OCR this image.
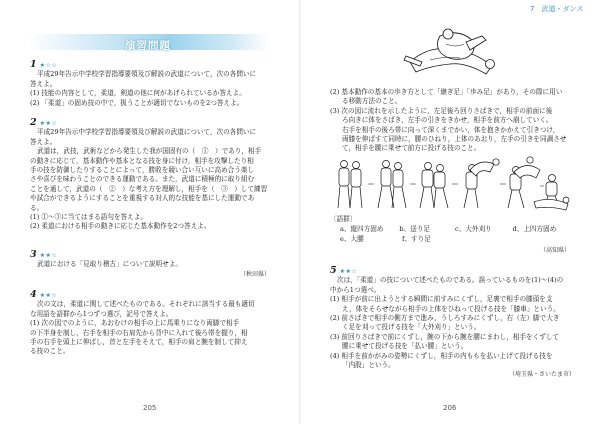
演習問題

1 ★☆☆

平成29年告示中学校学習指導要領及び解説の武道について，次の各問いに

答えよ。

(1) 技能の内容として，柔道，剣道の他に何があげられているか答えよ。

(2) 「柔道」の固め技の中で，扱うことが適切でないものを2つ答えよ。

2 ★★☆

平成29年告示中学校学習指導要領及び解説の武道について，次の各問いに

答えよ。

武道は，武技，武術などから発生した我が国固有の（　①　）であり，相手

の動きに応じて，基本動作や基本となる技を身に付け，相手を攻撃したり相

手の技を防御したりすることによって，勝敗を競い合い互いに高め合う楽し

さや喜びを味わうことのできる運動である。また，武道に積極的に取り組む

ことを通して，武道の（　②　）な考え方を理解し，相手を（　③　）して練習

や試合ができるようにすることを重視する対人的な技能を基にした運動であ

る。

(1) ①〜③に当てはまる語句を答えよ。

(2) 柔道における相手の動きに応じた基本動作を2つ答えよ。

3 ★★☆

武道における「見取り稽古」について説明せよ。

（秋田県）

4 ★★☆

次の文は，柔道に関して述べたものである。それぞれに該当する最も適切

な用語を語群から1つずつ選び，記号で答えよ。

(1) 次の図でのように，あおむけの相手の上に馬乗りになり両脚で相手

の下半身を制し，右手を相手の右肩先から背中に入れて後ろ帯を握り，相

手の右手を頭上に伸ばし，首と左手をそえて，相手の肩と腕を制して抑え

る技のこと。

205
7　武道・ダンス

(2) 基本動作の基本の歩き方として「継ぎ足」「歩み足」があり，その際に用い

る移動方法のこと。

(3) 次の図に流れを示したように，左足後ろ回りさばきで，相手の前面に後

ろ向きに体をさばき，左手の引きをきかせ，相手を前方へ崩していく。

右手を相手の後ろ帯に向って深くまでかい，体を抱きかかえて引きつけ，

両膝を伸ばすて同時に，腰のひねり，上体のあおり，左手の引きを同調させ

て，相手を腰に乗せて前方に投げる技のこと。

〔語群〕
a、縦四方固め	b、送り足	c、大外刈り	d、上四方固め
e、大腰	f、すり足
（高知県）

5 ★★☆

次は，「柔道」の技について述べたものである。誤っているものを(1)〜(4)の

中から1つ選べ。

(1) 相手が前に出ようとする瞬間に前すみにくずし，足裏で相手の膝頭を支

え，体をそらせながら相手の上体をひねって投げる技を「膝車」という。

(2) 前さばきで相手の側方まで進み，うしろすみにくずし，右（左）脚で大き

く足を刈って投げる技を「大外刈り」という。

(3) 前回りさばきで前にくずし，腕の下から腕を腰にまわし，相手をくずして

腰に乗せて投げる技を「払い腰」という。

(4) 相手を前かがみの姿勢にくずし，相手の内ももを払い上げて投げる技を

「内股」という。

（埼玉県・さいたま市）

206
